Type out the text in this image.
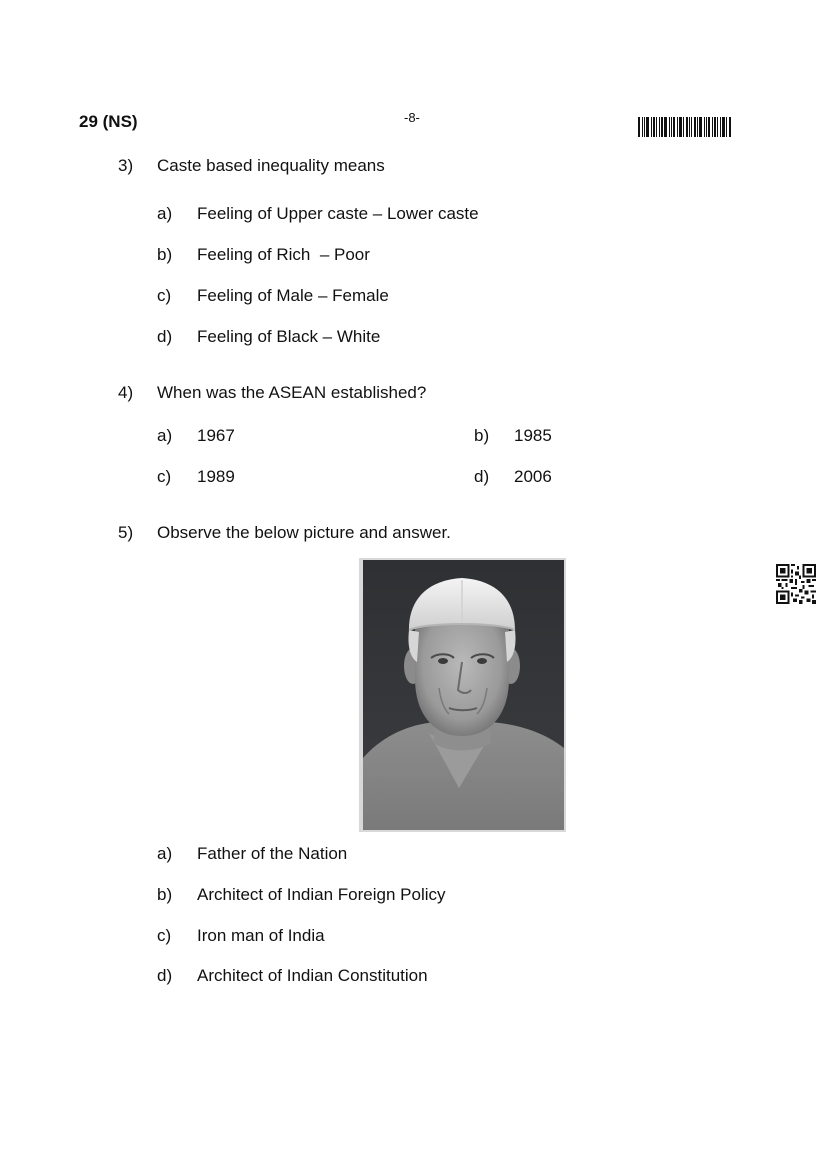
29 (NS)	-8-
3) Caste based inequality means
a) Feeling of Upper caste – Lower caste
b) Feeling of Rich  – Poor
c) Feeling of Male – Female
d) Feeling of Black – White
4) When was the ASEAN established?
a) 1967	b) 1985
c) 1989	d) 2006
5) Observe the below picture and answer.
a) Father of the Nation
b) Architect of Indian Foreign Policy
c) Iron man of India
d) Architect of Indian Constitution
